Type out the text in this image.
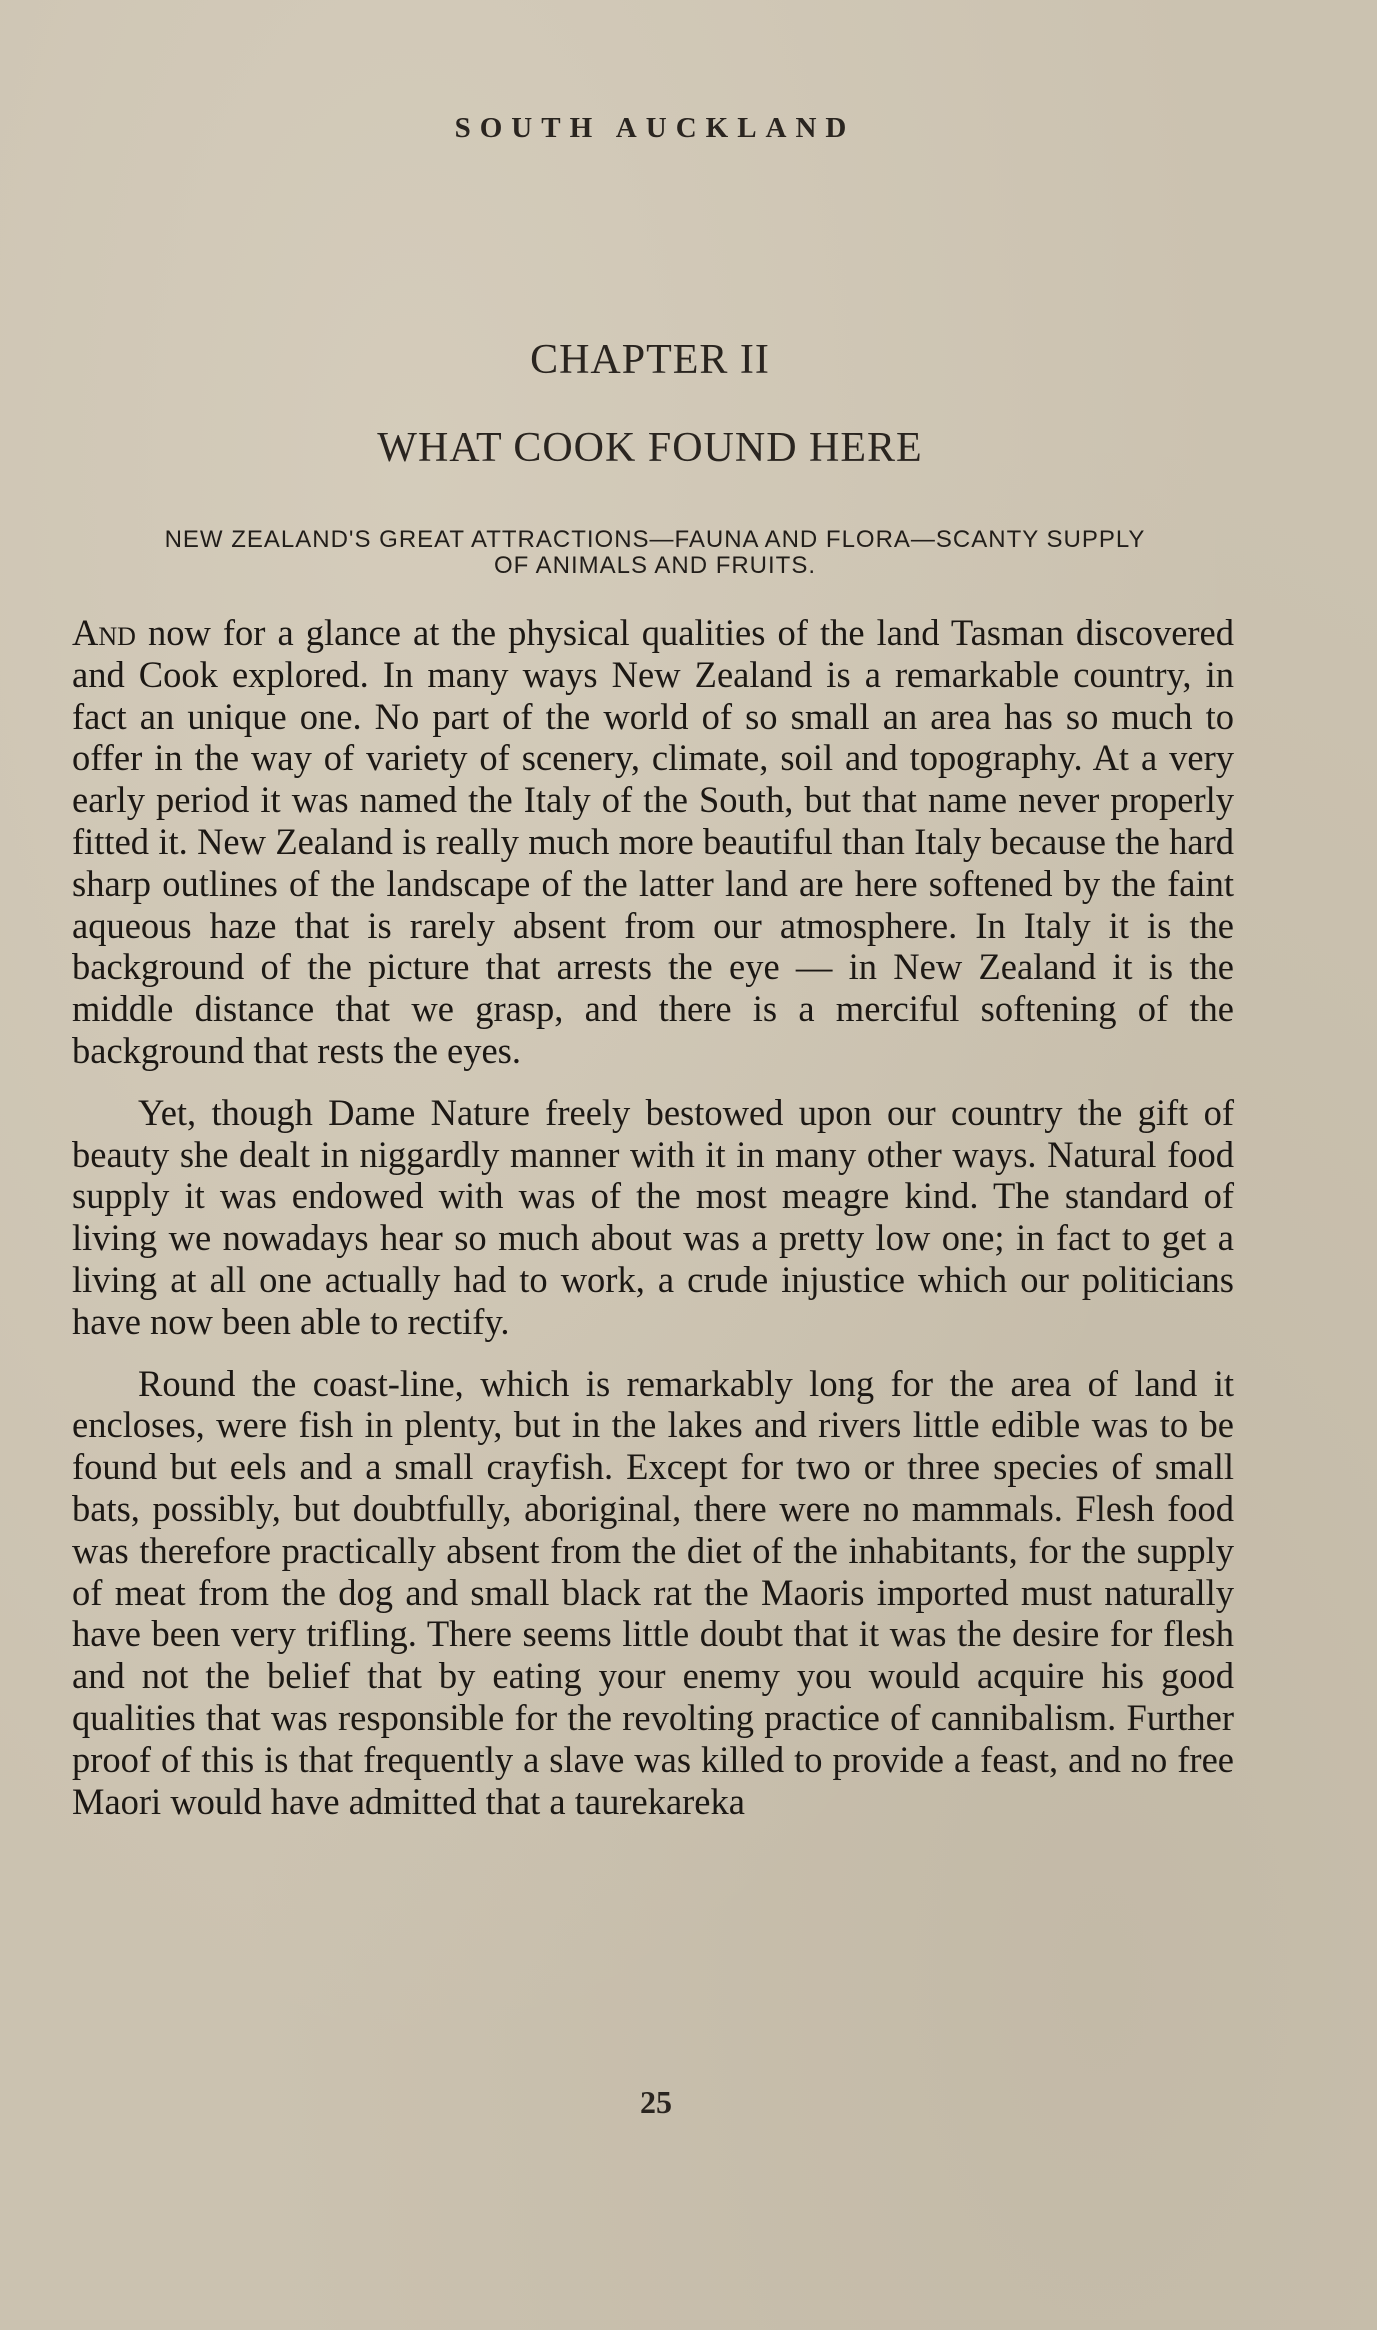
SOUTH AUCKLAND
CHAPTER II
WHAT COOK FOUND HERE
NEW ZEALAND'S GREAT ATTRACTIONS—FAUNA AND FLORA—SCANTY SUPPLY
OF ANIMALS AND FRUITS.

And now for a glance at the physical qualities of the land Tasman discovered and Cook explored. In many ways New Zealand is a remarkable country, in fact an unique one. No part of the world of so small an area has so much to offer in the way of variety of scenery, climate, soil and topography. At a very early period it was named the Italy of the South, but that name never properly fitted it. New Zealand is really much more beautiful than Italy because the hard sharp outlines of the landscape of the latter land are here softened by the faint aqueous haze that is rarely absent from our atmosphere. In Italy it is the background of the picture that arrests the eye — in New Zealand it is the middle distance that we grasp, and there is a merciful softening of the background that rests the eyes.

Yet, though Dame Nature freely bestowed upon our country the gift of beauty she dealt in niggardly manner with it in many other ways. Natural food supply it was endowed with was of the most meagre kind. The standard of living we nowadays hear so much about was a pretty low one; in fact to get a living at all one actually had to work, a crude injustice which our politicians have now been able to rectify.

Round the coast-line, which is remarkably long for the area of land it encloses, were fish in plenty, but in the lakes and rivers little edible was to be found but eels and a small crayfish. Except for two or three species of small bats, possibly, but doubtfully, aboriginal, there were no mammals. Flesh food was therefore practically absent from the diet of the inhabitants, for the supply of meat from the dog and small black rat the Maoris imported must naturally have been very trifling. There seems little doubt that it was the desire for flesh and not the belief that by eating your enemy you would acquire his good qualities that was responsible for the revolting practice of cannibalism. Further proof of this is that frequently a slave was killed to provide a feast, and no free Maori would have admitted that a taurekareka

25
